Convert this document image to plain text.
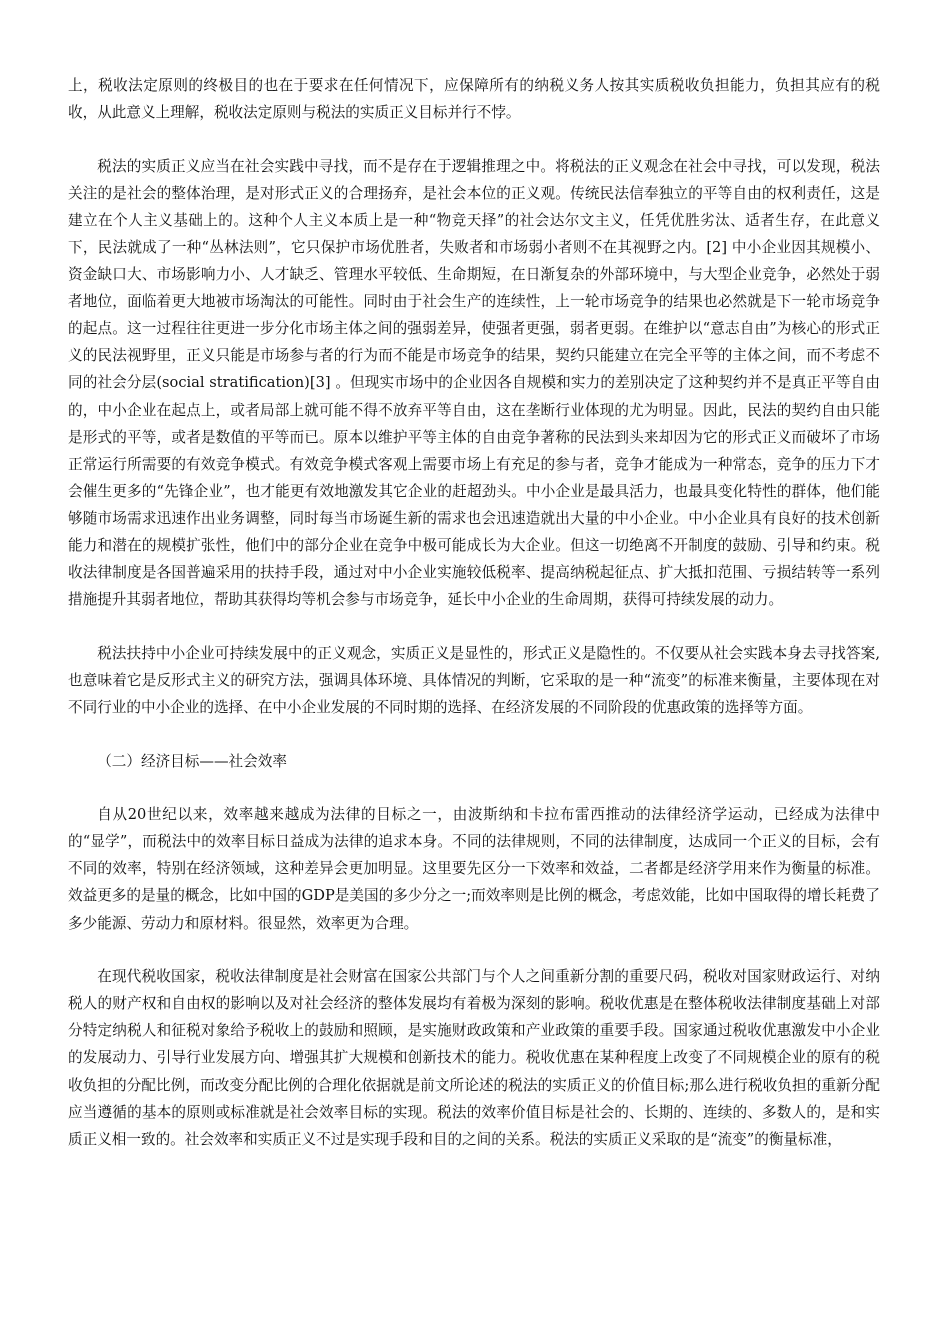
上，税收法定原则的终极目的也在于要求在任何情况下，应保障所有的纳税义务人按其实质税收负担能力，负担其应有的税收，从此意义上理解，税收法定原则与税法的实质正义目标并行不悖。

税法的实质正义应当在社会实践中寻找，而不是存在于逻辑推理之中。将税法的正义观念在社会中寻找，可以发现，税法关注的是社会的整体治理，是对形式正义的合理扬弃，是社会本位的正义观。传统民法信奉独立的平等自由的权利责任，这是建立在个人主义基础上的。这种个人主义本质上是一种“物竞天择”的社会达尔文主义，任凭优胜劣汰、适者生存，在此意义下，民法就成了一种“丛林法则”，它只保护市场优胜者，失败者和市场弱小者则不在其视野之内。[2] 中小企业因其规模小、资金缺口大、市场影响力小、人才缺乏、管理水平较低、生命期短，在日渐复杂的外部环境中，与大型企业竞争，必然处于弱者地位，面临着更大地被市场淘汰的可能性。同时由于社会生产的连续性，上一轮市场竞争的结果也必然就是下一轮市场竞争的起点。这一过程往往更进一步分化市场主体之间的强弱差异，使强者更强，弱者更弱。在维护以“意志自由”为核心的形式正义的民法视野里，正义只能是市场参与者的行为而不能是市场竞争的结果，契约只能建立在完全平等的主体之间，而不考虑不同的社会分层(social stratification)[3] 。但现实市场中的企业因各自规模和实力的差别决定了这种契约并不是真正平等自由的，中小企业在起点上，或者局部上就可能不得不放弃平等自由，这在垄断行业体现的尤为明显。因此，民法的契约自由只能是形式的平等，或者是数值的平等而已。原本以维护平等主体的自由竞争著称的民法到头来却因为它的形式正义而破坏了市场正常运行所需要的有效竞争模式。有效竞争模式客观上需要市场上有充足的参与者，竞争才能成为一种常态，竞争的压力下才会催生更多的“先锋企业”，也才能更有效地激发其它企业的赶超劲头。中小企业是最具活力，也最具变化特性的群体，他们能够随市场需求迅速作出业务调整，同时每当市场诞生新的需求也会迅速造就出大量的中小企业。中小企业具有良好的技术创新能力和潜在的规模扩张性，他们中的部分企业在竞争中极可能成长为大企业。但这一切绝离不开制度的鼓励、引导和约束。税收法律制度是各国普遍采用的扶持手段，通过对中小企业实施较低税率、提高纳税起征点、扩大抵扣范围、亏损结转等一系列措施提升其弱者地位，帮助其获得均等机会参与市场竞争，延长中小企业的生命周期，获得可持续发展的动力。

税法扶持中小企业可持续发展中的正义观念，实质正义是显性的，形式正义是隐性的。不仅要从社会实践本身去寻找答案,也意味着它是反形式主义的研究方法，强调具体环境、具体情况的判断，它采取的是一种“流变”的标准来衡量，主要体现在对不同行业的中小企业的选择、在中小企业发展的不同时期的选择、在经济发展的不同阶段的优惠政策的选择等方面。

（二）经济目标——社会效率

自从20世纪以来，效率越来越成为法律的目标之一，由波斯纳和卡拉布雷西推动的法律经济学运动，已经成为法律中的“显学”，而税法中的效率目标日益成为法律的追求本身。不同的法律规则，不同的法律制度，达成同一个正义的目标，会有不同的效率，特别在经济领域，这种差异会更加明显。这里要先区分一下效率和效益，二者都是经济学用来作为衡量的标准。效益更多的是量的概念，比如中国的GDP是美国的多少分之一;而效率则是比例的概念，考虑效能，比如中国取得的增长耗费了多少能源、劳动力和原材料。很显然，效率更为合理。

在现代税收国家，税收法律制度是社会财富在国家公共部门与个人之间重新分割的重要尺码，税收对国家财政运行、对纳税人的财产权和自由权的影响以及对社会经济的整体发展均有着极为深刻的影响。税收优惠是在整体税收法律制度基础上对部分特定纳税人和征税对象给予税收上的鼓励和照顾，是实施财政政策和产业政策的重要手段。国家通过税收优惠激发中小企业的发展动力、引导行业发展方向、增强其扩大规模和创新技术的能力。税收优惠在某种程度上改变了不同规模企业的原有的税收负担的分配比例，而改变分配比例的合理化依据就是前文所论述的税法的实质正义的价值目标;那么进行税收负担的重新分配应当遵循的基本的原则或标准就是社会效率目标的实现。税法的效率价值目标是社会的、长期的、连续的、多数人的，是和实质正义相一致的。社会效率和实质正义不过是实现手段和目的之间的关系。税法的实质正义采取的是“流变”的衡量标准，
